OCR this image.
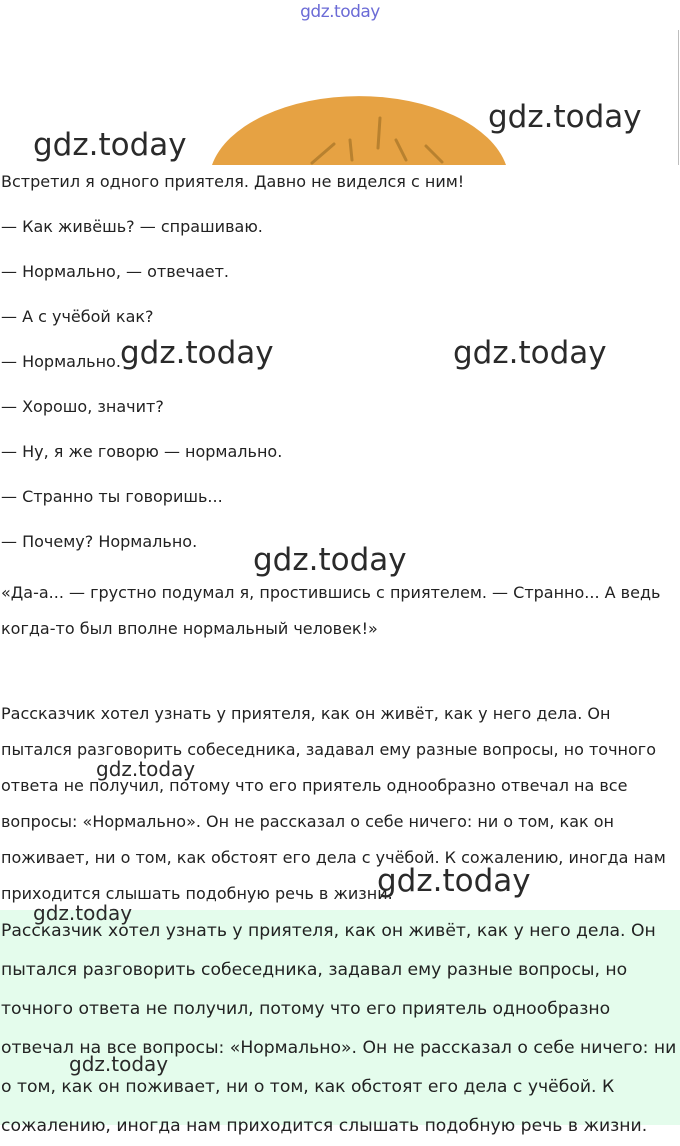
gdz.today
gdz.today
gdz.today
Встретил я одного приятеля. Давно не виделся с ним!
— Как живёшь? — спрашиваю.
— Нормально, — отвечает.
— А с учёбой как?
— Нормально.
— Хорошо, значит?
— Ну, я же говорю — нормально.
— Странно ты говоришь...
— Почему? Нормально.
gdz.today	gdz.today
«Да-а... — грустно подумал я, простившись с приятелем. — Странно... А ведь когда-то был вполне нормальный человек!»
gdz.today
Рассказчик хотел узнать у приятеля, как он живёт, как у него дела. Он пытался разговорить собеседника, задавал ему разные вопросы, но точного ответа не получил, потому что его приятель однообразно отвечал на все вопросы: «Нормально». Он не рассказал о себе ничего: ни о том, как он поживает, ни о том, как обстоят его дела с учёбой. К сожалению, иногда нам приходится слышать подобную речь в жизни.
gdz.today
gdz.today
Рассказчик хотел узнать у приятеля, как он живёт, как у него дела. Он пытался разговорить собеседника, задавал ему разные вопросы, но точного ответа не получил, потому что его приятель однообразно отвечал на все вопросы: «Нормально». Он не рассказал о себе ничего: ни о том, как он поживает, ни о том, как обстоят его дела с учёбой. К сожалению, иногда нам приходится слышать подобную речь в жизни.
gdz.today
gdz.today
